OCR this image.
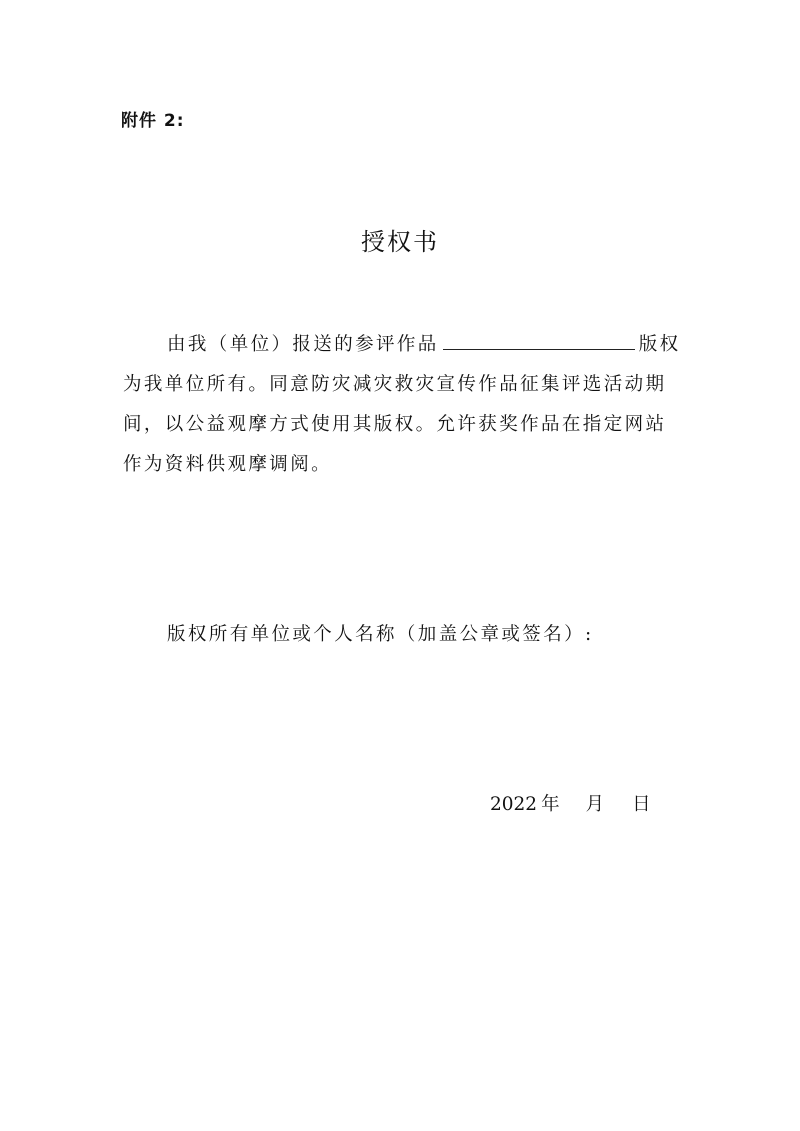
附件 2:
授权书
由我（单位）报送的参评作品	版权为我单位所有。同意防灾减灾救灾宣传作品征集评选活动期间，以公益观摩方式使用其版权。允许获奖作品在指定网站作为资料供观摩调阅。
版权所有单位或个人名称（加盖公章或签名）:
2022 年 月 日
